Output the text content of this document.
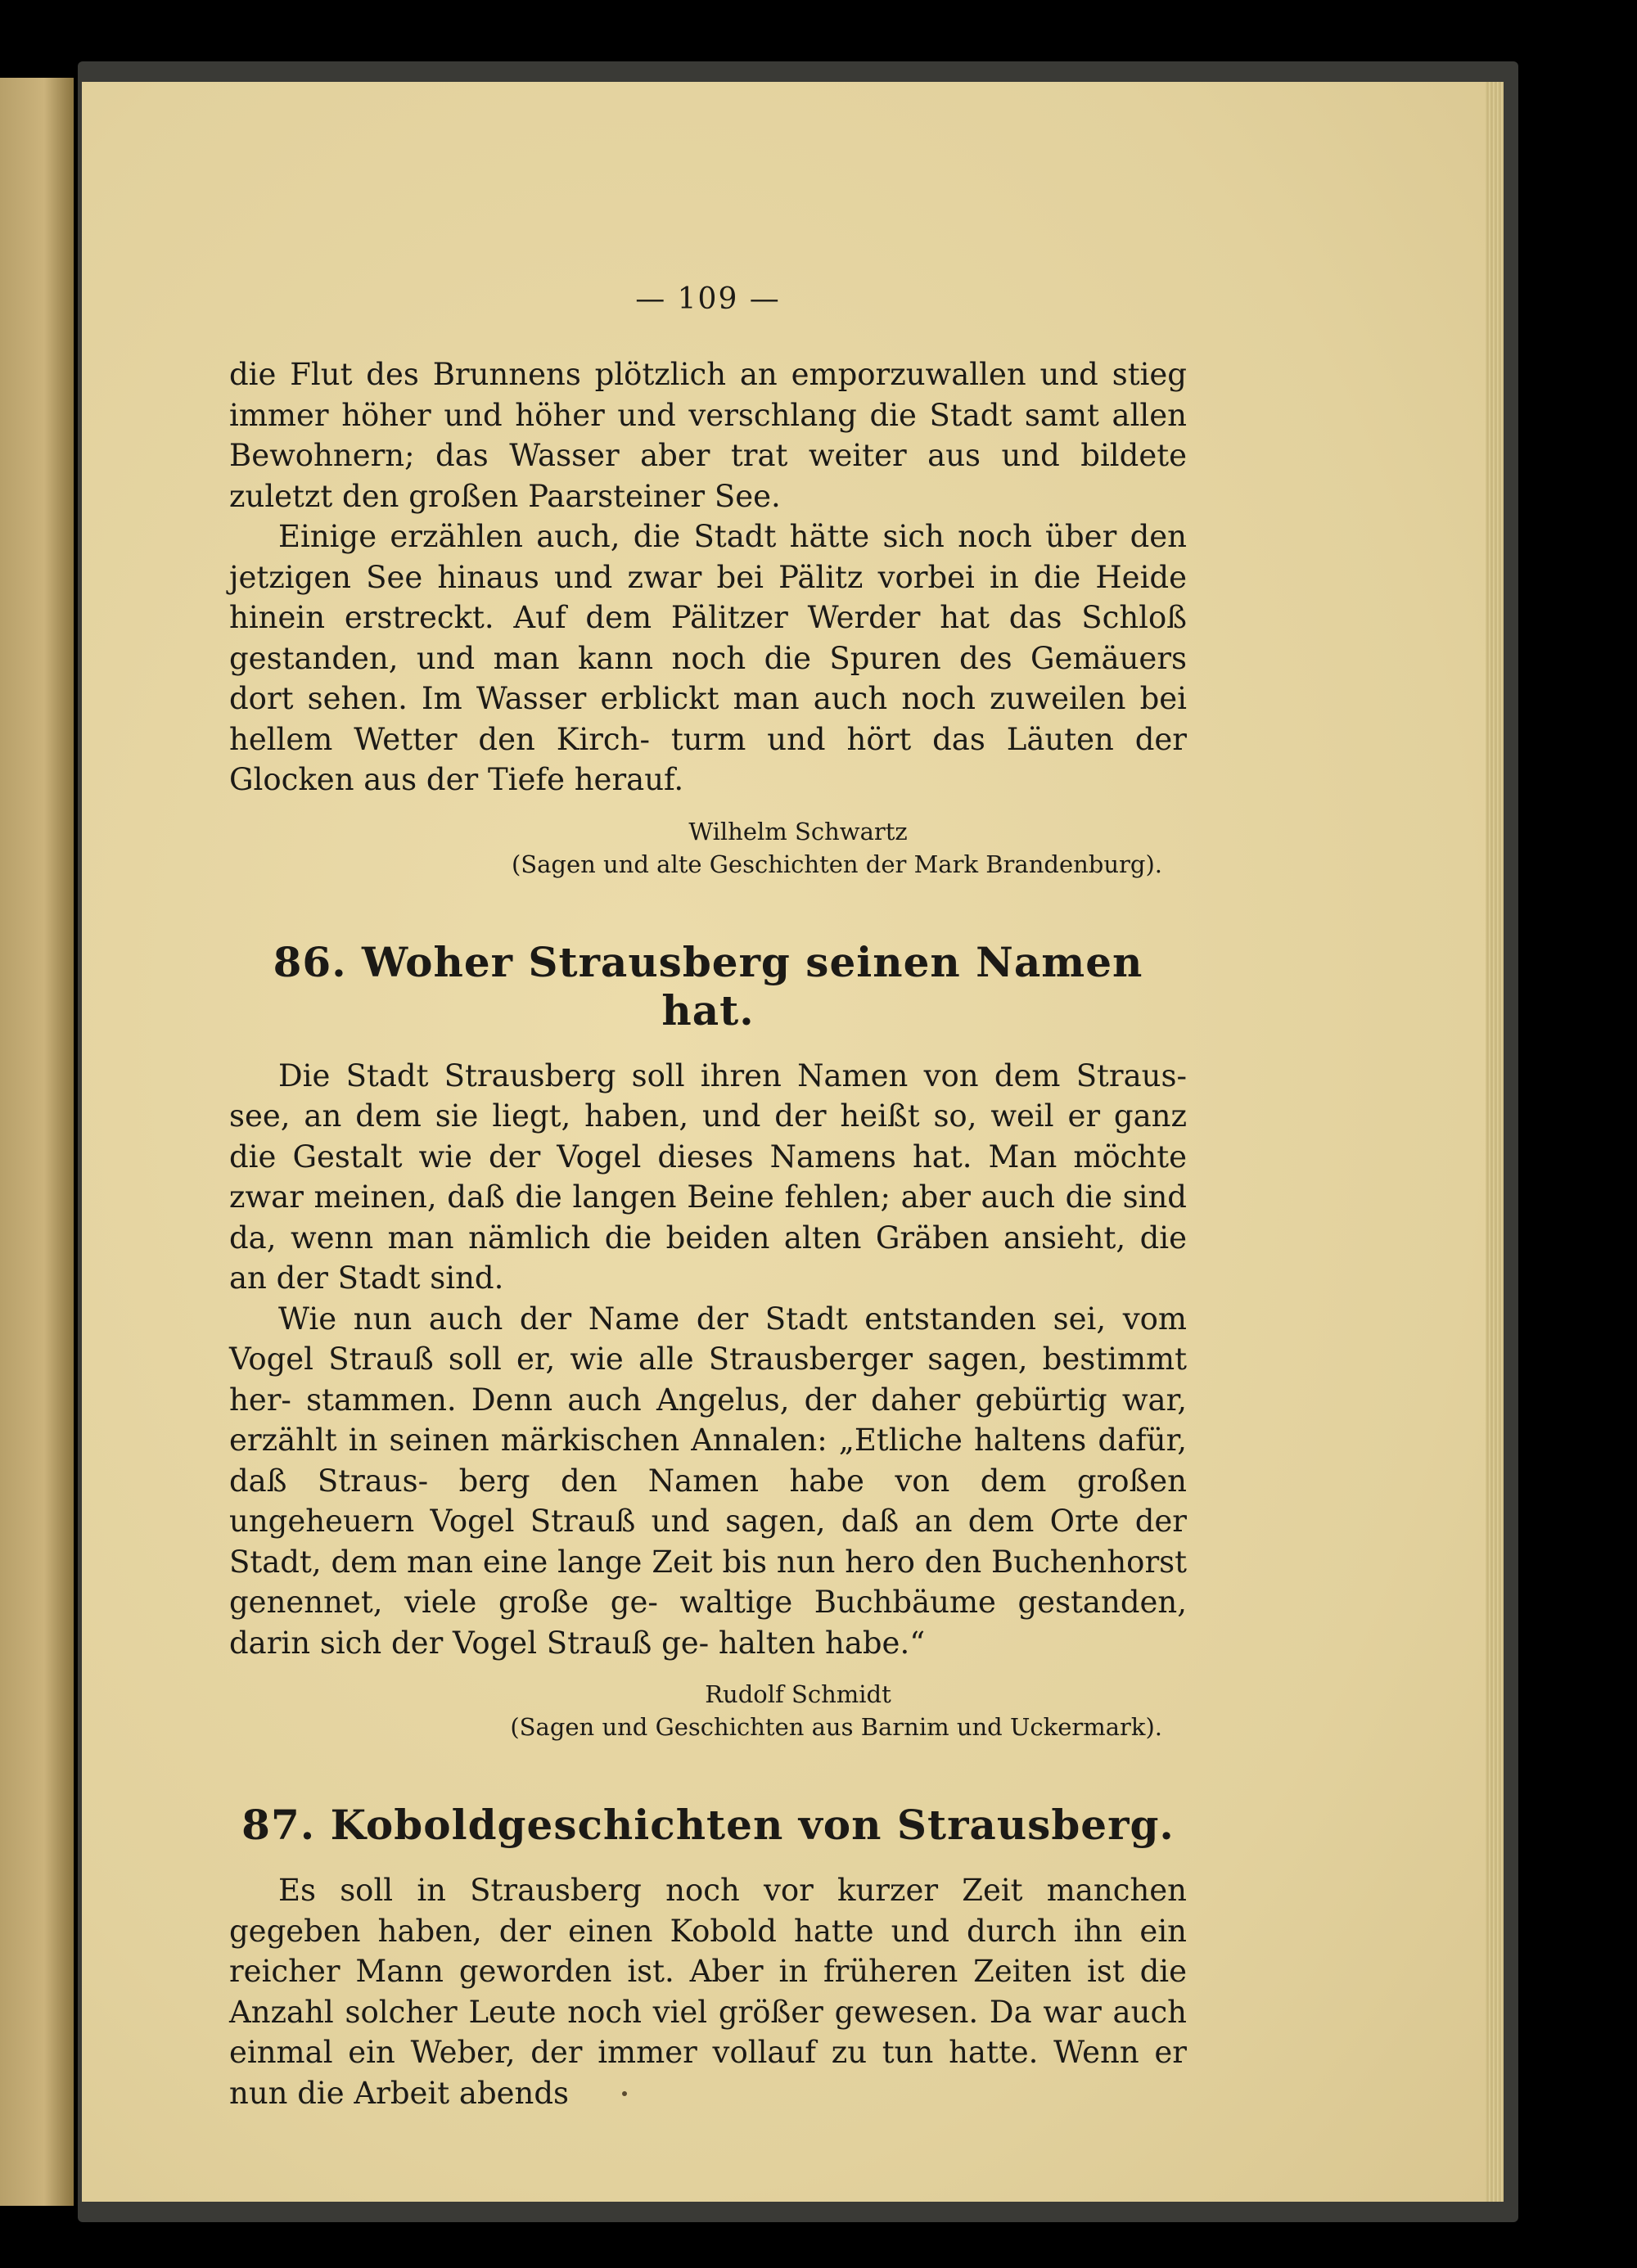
— 109 —

die Flut des Brunnens plötzlich an emporzuwallen und stieg immer höher und höher und verschlang die Stadt samt allen Bewohnern; das Wasser aber trat weiter aus und bildete zuletzt den großen Paarsteiner See.

Einige erzählen auch, die Stadt hätte sich noch über den jetzigen See hinaus und zwar bei Pälitz vorbei in die Heide hinein erstreckt. Auf dem Pälitzer Werder hat das Schloß gestanden, und man kann noch die Spuren des Gemäuers dort sehen. Im Wasser erblickt man auch noch zuweilen bei hellem Wetter den Kirch- turm und hört das Läuten der Glocken aus der Tiefe herauf.

Wilhelm Schwartz
(Sagen und alte Geschichten der Mark Brandenburg).
86. Woher Strausberg seinen Namen hat.

Die Stadt Strausberg soll ihren Namen von dem Straus- see, an dem sie liegt, haben, und der heißt so, weil er ganz die Gestalt wie der Vogel dieses Namens hat. Man möchte zwar meinen, daß die langen Beine fehlen; aber auch die sind da, wenn man nämlich die beiden alten Gräben ansieht, die an der Stadt sind.

Wie nun auch der Name der Stadt entstanden sei, vom Vogel Strauß soll er, wie alle Strausberger sagen, bestimmt her- stammen. Denn auch Angelus, der daher gebürtig war, erzählt in seinen märkischen Annalen: „Etliche haltens dafür, daß Straus- berg den Namen habe von dem großen ungeheuern Vogel Strauß und sagen, daß an dem Orte der Stadt, dem man eine lange Zeit bis nun hero den Buchenhorst genennet, viele große ge- waltige Buchbäume gestanden, darin sich der Vogel Strauß ge- halten habe.“

Rudolf Schmidt
(Sagen und Geschichten aus Barnim und Uckermark).
87. Koboldgeschichten von Strausberg.

Es soll in Strausberg noch vor kurzer Zeit manchen gegeben haben, der einen Kobold hatte und durch ihn ein reicher Mann geworden ist. Aber in früheren Zeiten ist die Anzahl solcher Leute noch viel größer gewesen. Da war auch einmal ein Weber, der immer vollauf zu tun hatte. Wenn er nun die Arbeit abends
